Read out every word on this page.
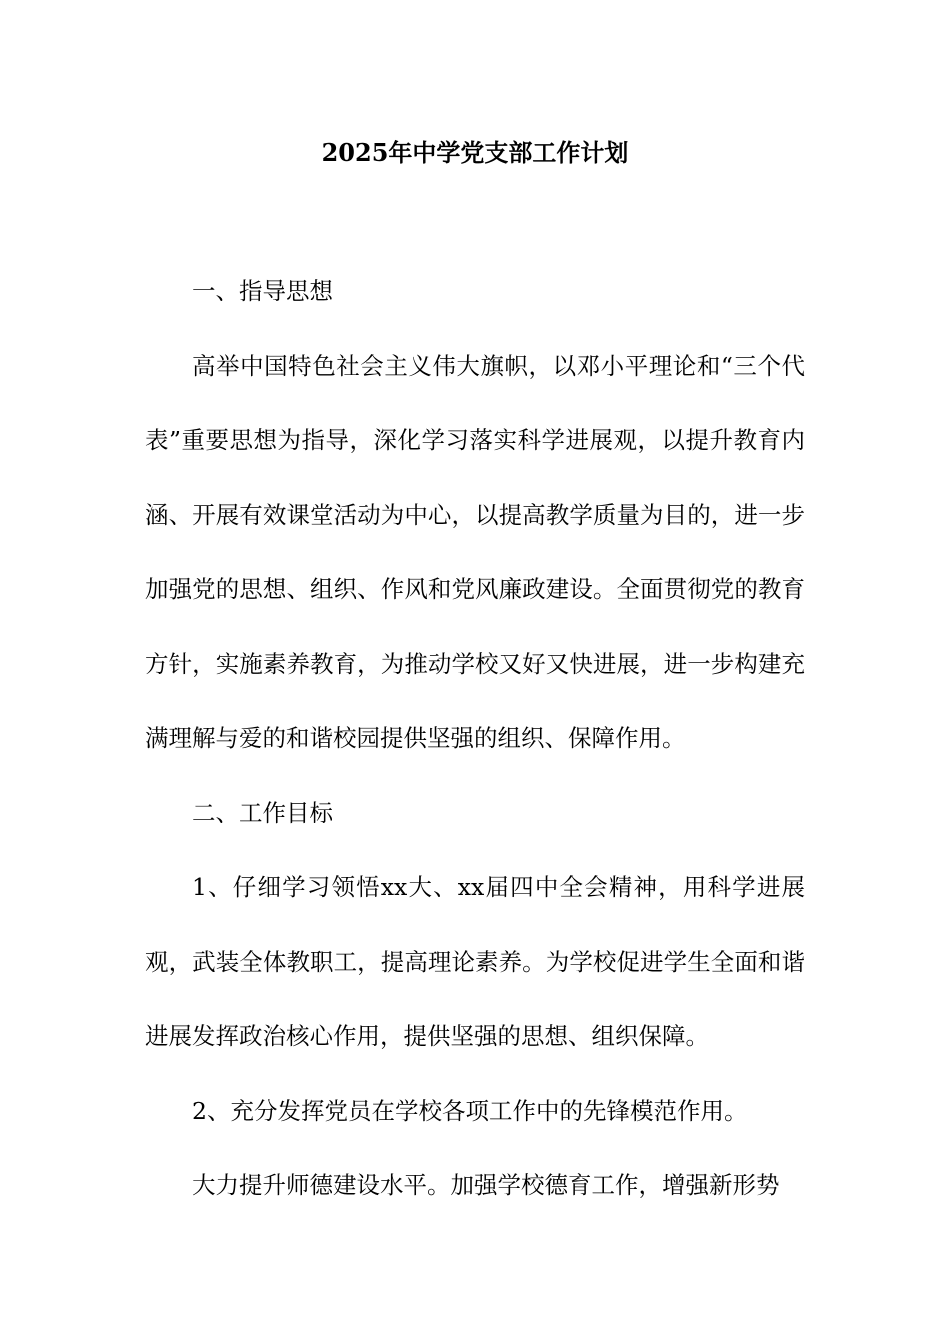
2025年中学党支部工作计划

一、指导思想

高举中国特色社会主义伟大旗帜，以邓小平理论和“三个代表”重要思想为指导，深化学习落实科学进展观，以提升教育内涵、开展有效课堂活动为中心，以提高教学质量为目的，进一步加强党的思想、组织、作风和党风廉政建设。全面贯彻党的教育方针，实施素养教育，为推动学校又好又快进展，进一步构建充满理解与爱的和谐校园提供坚强的组织、保障作用。

二、工作目标

1、仔细学习领悟xx大、xx届四中全会精神，用科学进展观，武装全体教职工，提高理论素养。为学校促进学生全面和谐进展发挥政治核心作用，提供坚强的思想、组织保障。

2、充分发挥党员在学校各项工作中的先锋模范作用。

大力提升师德建设水平。加强学校德育工作，增强新形势
